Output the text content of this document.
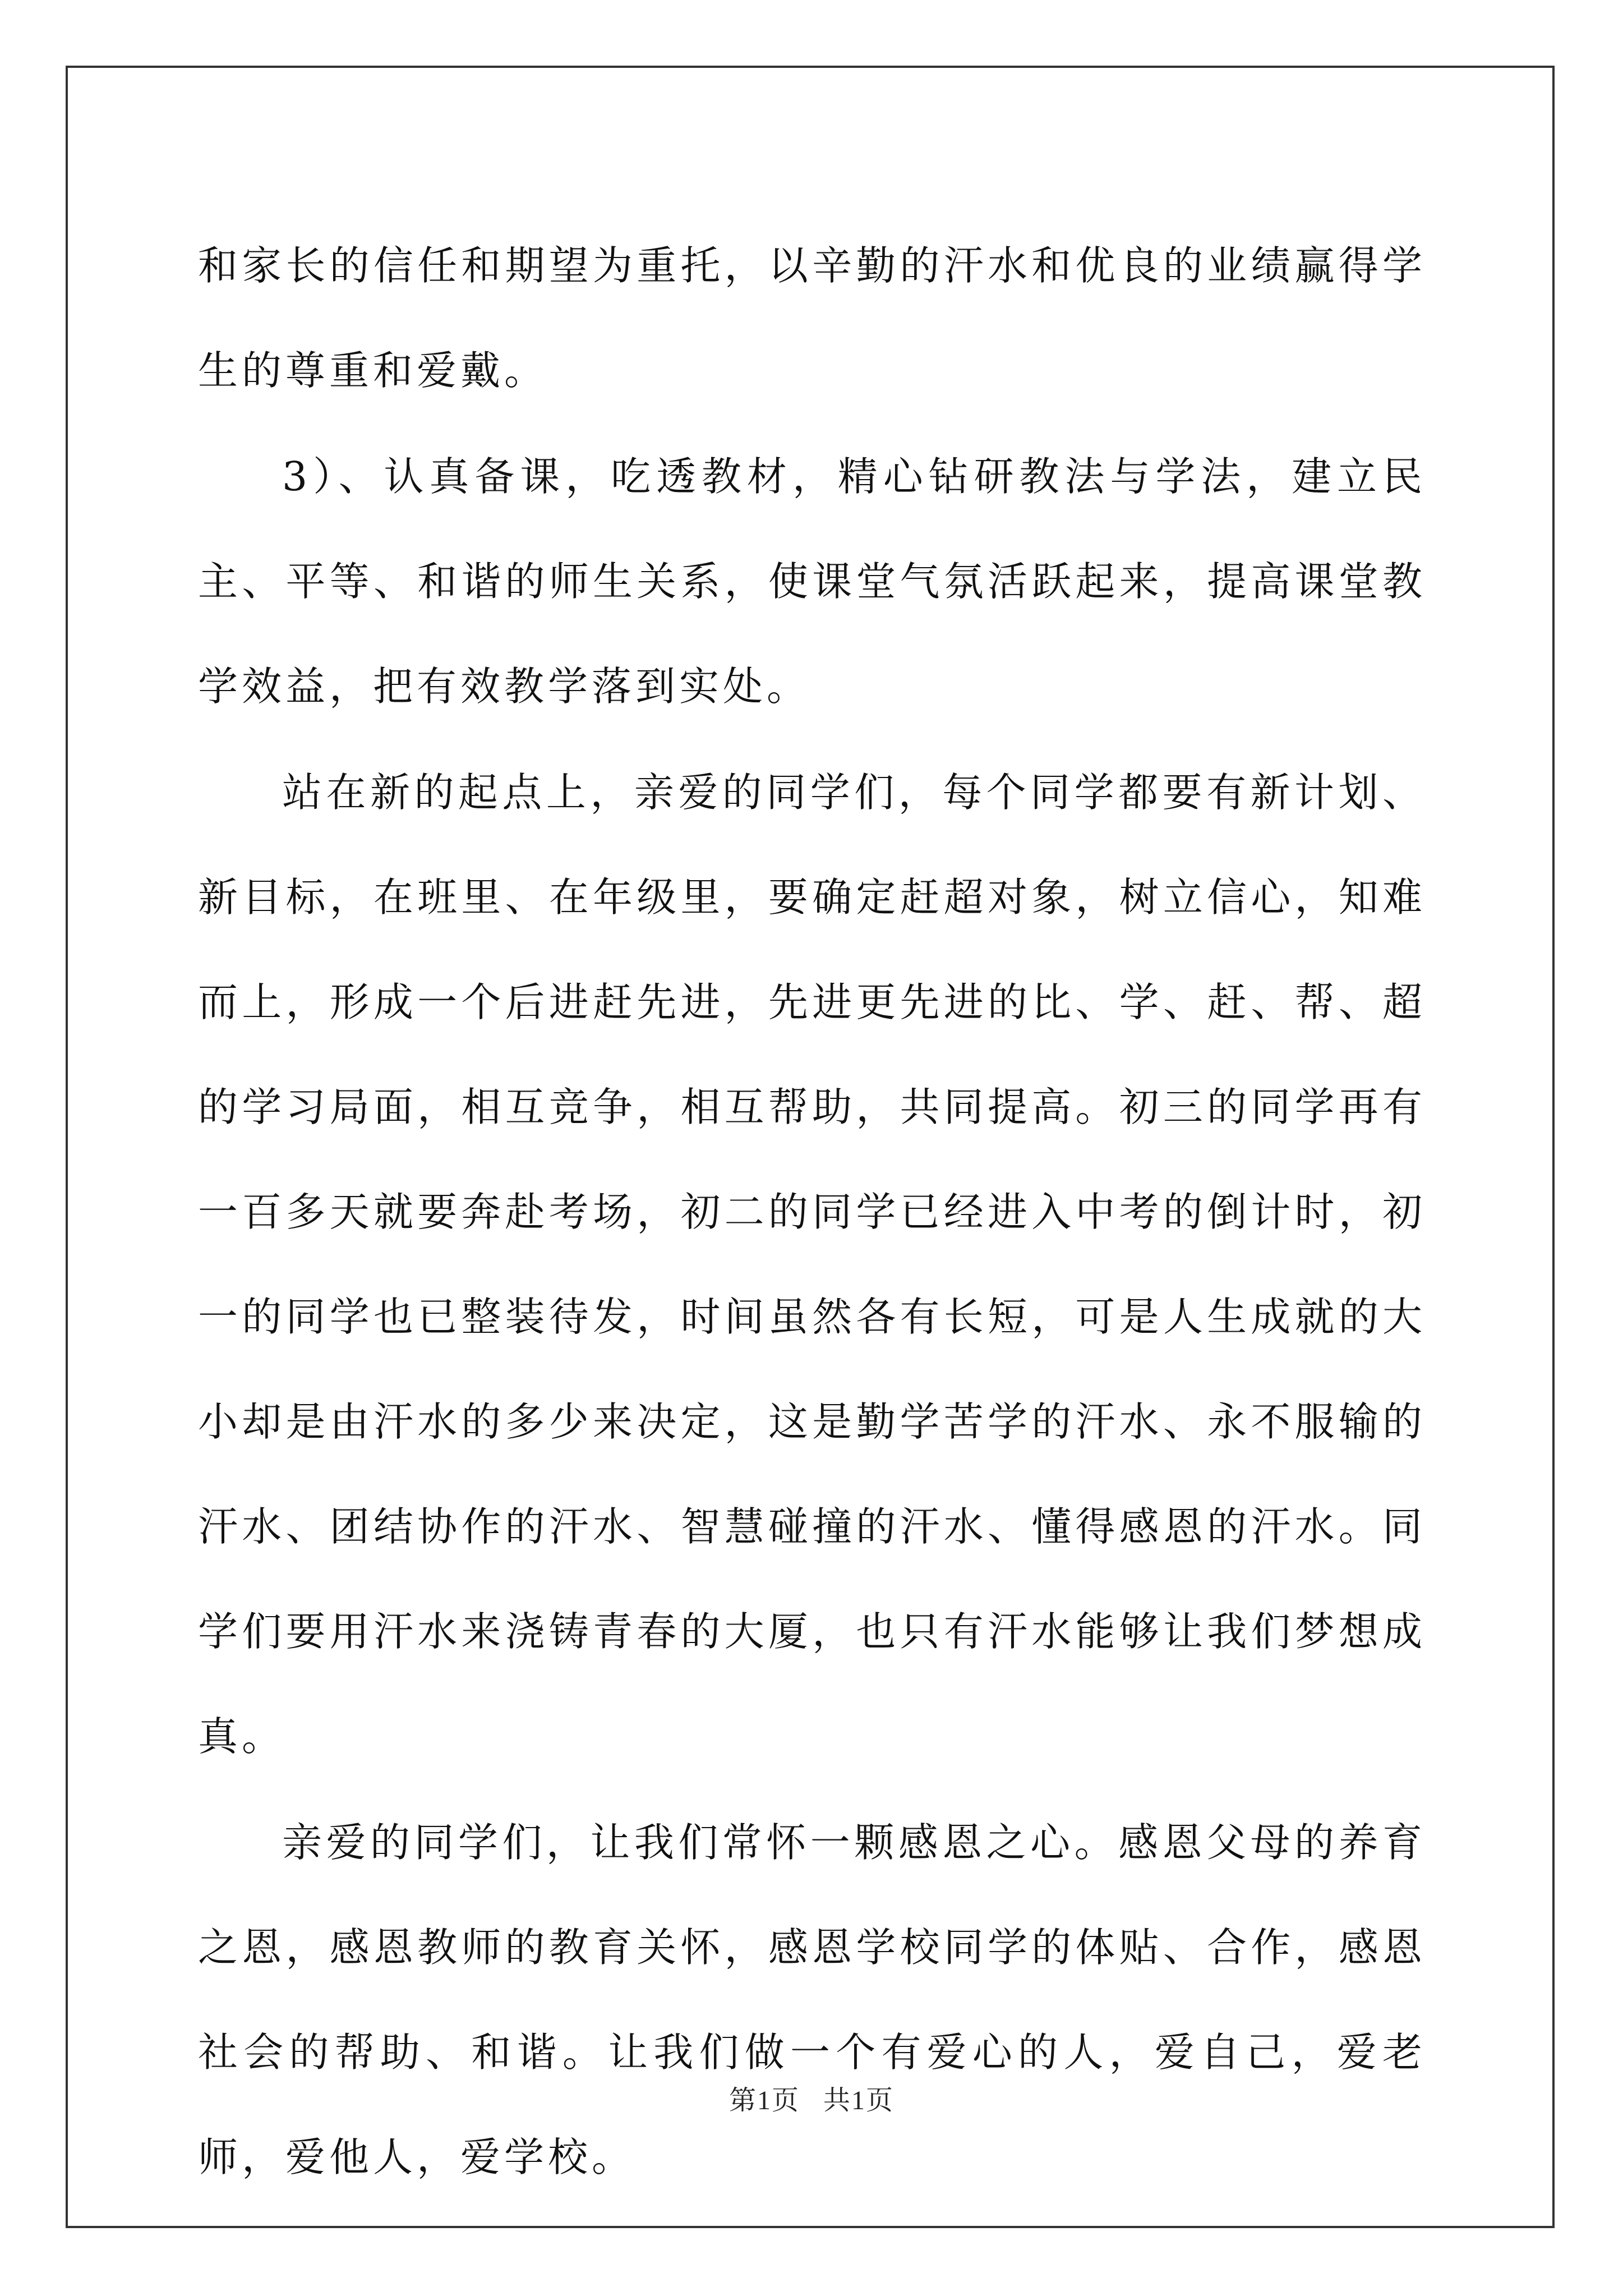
和家长的信任和期望为重托，以辛勤的汗水和优良的业绩赢得学生的尊重和爱戴。

3）、认真备课，吃透教材，精心钻研教法与学法，建立民主、平等、和谐的师生关系，使课堂气氛活跃起来，提高课堂教学效益，把有效教学落到实处。

站在新的起点上，亲爱的同学们，每个同学都要有新计划、新目标，在班里、在年级里，要确定赶超对象，树立信心，知难而上，形成一个后进赶先进，先进更先进的比、学、赶、帮、超的学习局面，相互竞争，相互帮助，共同提高。初三的同学再有一百多天就要奔赴考场，初二的同学已经进入中考的倒计时，初一的同学也已整装待发，时间虽然各有长短，可是人生成就的大小却是由汗水的多少来决定，这是勤学苦学的汗水、永不服输的汗水、团结协作的汗水、智慧碰撞的汗水、懂得感恩的汗水。同学们要用汗水来浇铸青春的大厦，也只有汗水能够让我们梦想成真。

亲爱的同学们，让我们常怀一颗感恩之心。感恩父母的养育之恩，感恩教师的教育关怀，感恩学校同学的体贴、合作，感恩社会的帮助、和谐。让我们做一个有爱心的人，爱自己，爱老师，爱他人，爱学校。

第1页 共1页
